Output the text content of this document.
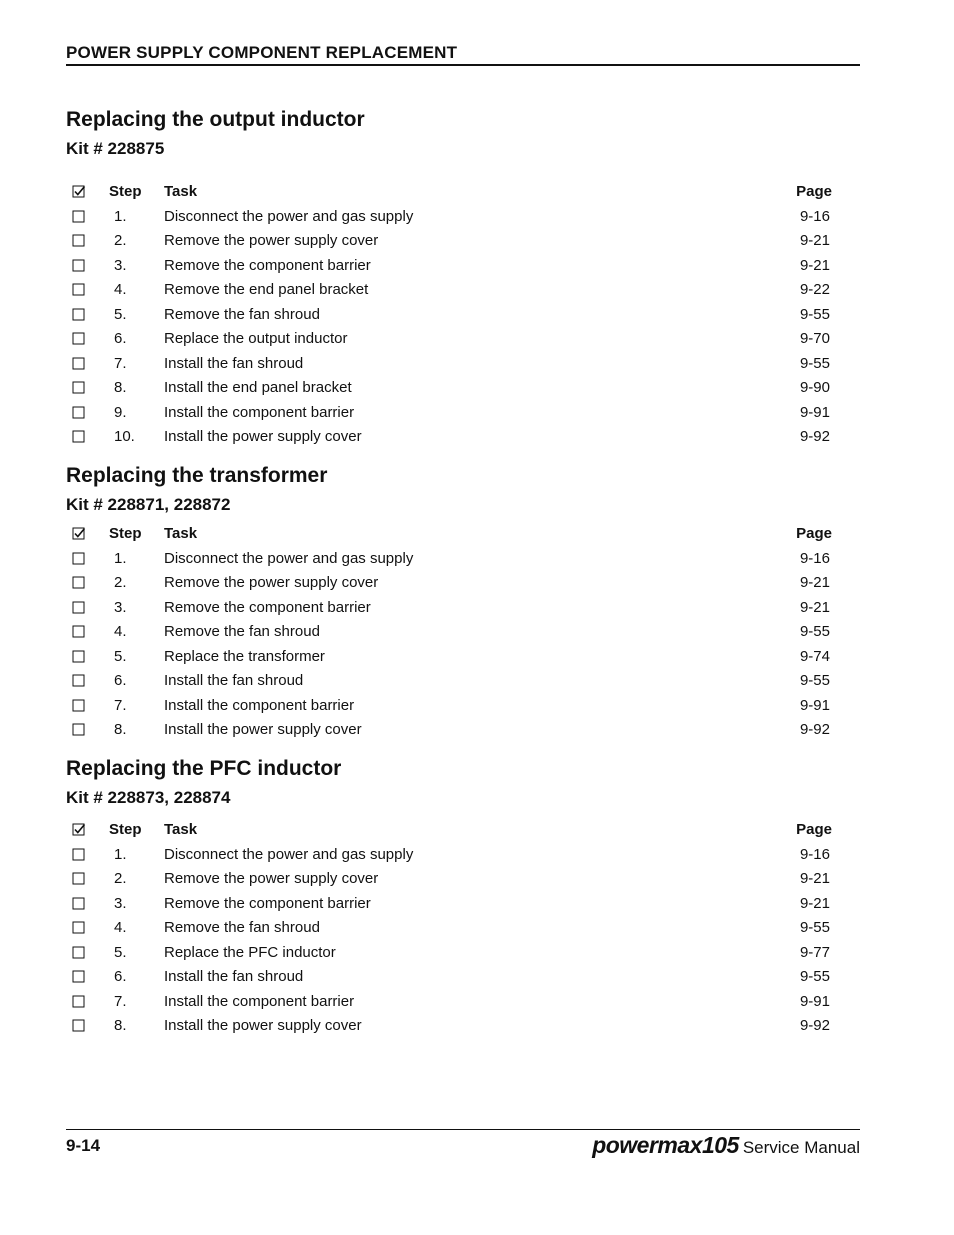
POWER SUPPLY COMPONENT REPLACEMENT
Replacing the output inductor
Kit # 228875
Step Task	Page
1. Disconnect the power and gas supply	9-16
2. Remove the power supply cover	9-21
3. Remove the component barrier	9-21
4. Remove the end panel bracket	9-22
5. Remove the fan shroud	9-55
6. Replace the output inductor	9-70
7. Install the fan shroud	9-55
8. Install the end panel bracket	9-90
9. Install the component barrier	9-91
10. Install the power supply cover	9-92
Replacing the transformer
Kit # 228871, 228872
Step Task	Page
1. Disconnect the power and gas supply	9-16
2. Remove the power supply cover	9-21
3. Remove the component barrier	9-21
4. Remove the fan shroud	9-55
5. Replace the transformer	9-74
6. Install the fan shroud	9-55
7. Install the component barrier	9-91
8. Install the power supply cover	9-92
Replacing the PFC inductor
Kit # 228873, 228874
Step Task	Page
1. Disconnect the power and gas supply	9-16
2. Remove the power supply cover	9-21
3. Remove the component barrier	9-21
4. Remove the fan shroud	9-55
5. Replace the PFC inductor	9-77
6. Install the fan shroud	9-55
7. Install the component barrier	9-91
8. Install the power supply cover	9-92
9-14	powermax105 Service Manual
